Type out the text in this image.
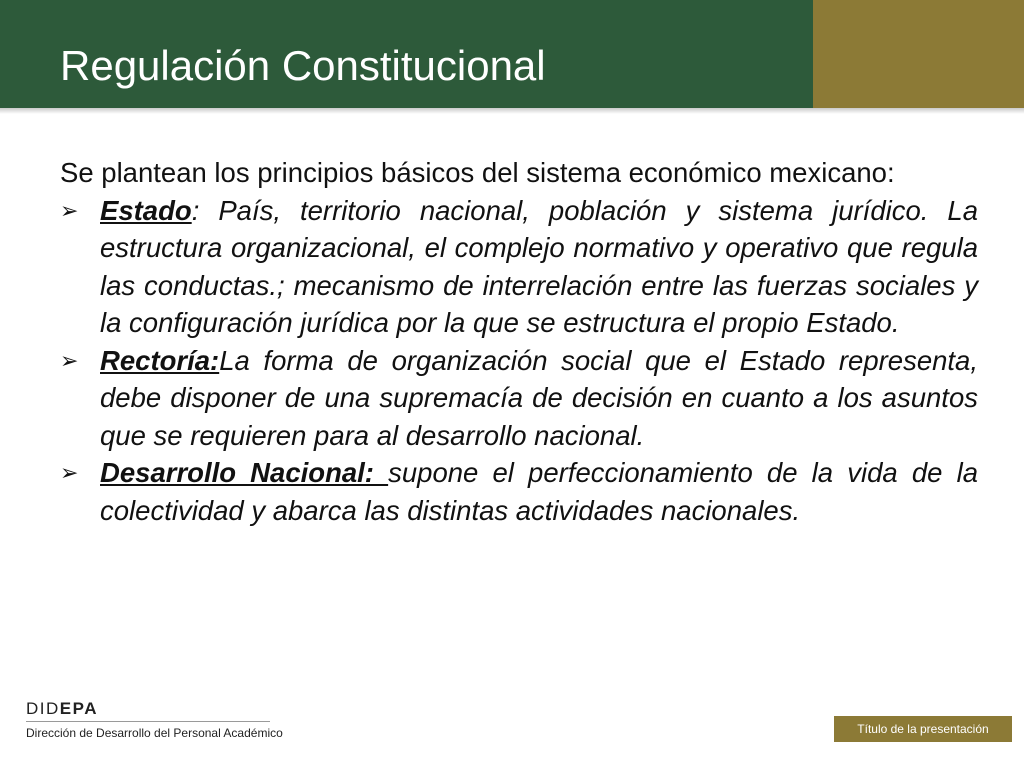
Regulación Constitucional

Se plantean los principios básicos del sistema económico mexicano:

➢ Estado: País, territorio nacional, población y sistema jurídico. La estructura organizacional, el complejo normativo y operativo que regula las conductas.; mecanismo de interrelación entre las fuerzas sociales y la configuración jurídica por la que se estructura el propio Estado.

➢ Rectoría:La forma de organización social que el Estado representa, debe disponer de una supremacía de decisión en cuanto a los asuntos que se requieren para al desarrollo nacional.

➢ Desarrollo Nacional: supone el perfeccionamiento de la vida de la colectividad y abarca las distintas actividades nacionales.

DIDEPA
Dirección de Desarrollo del Personal Académico	Título de la presentación
